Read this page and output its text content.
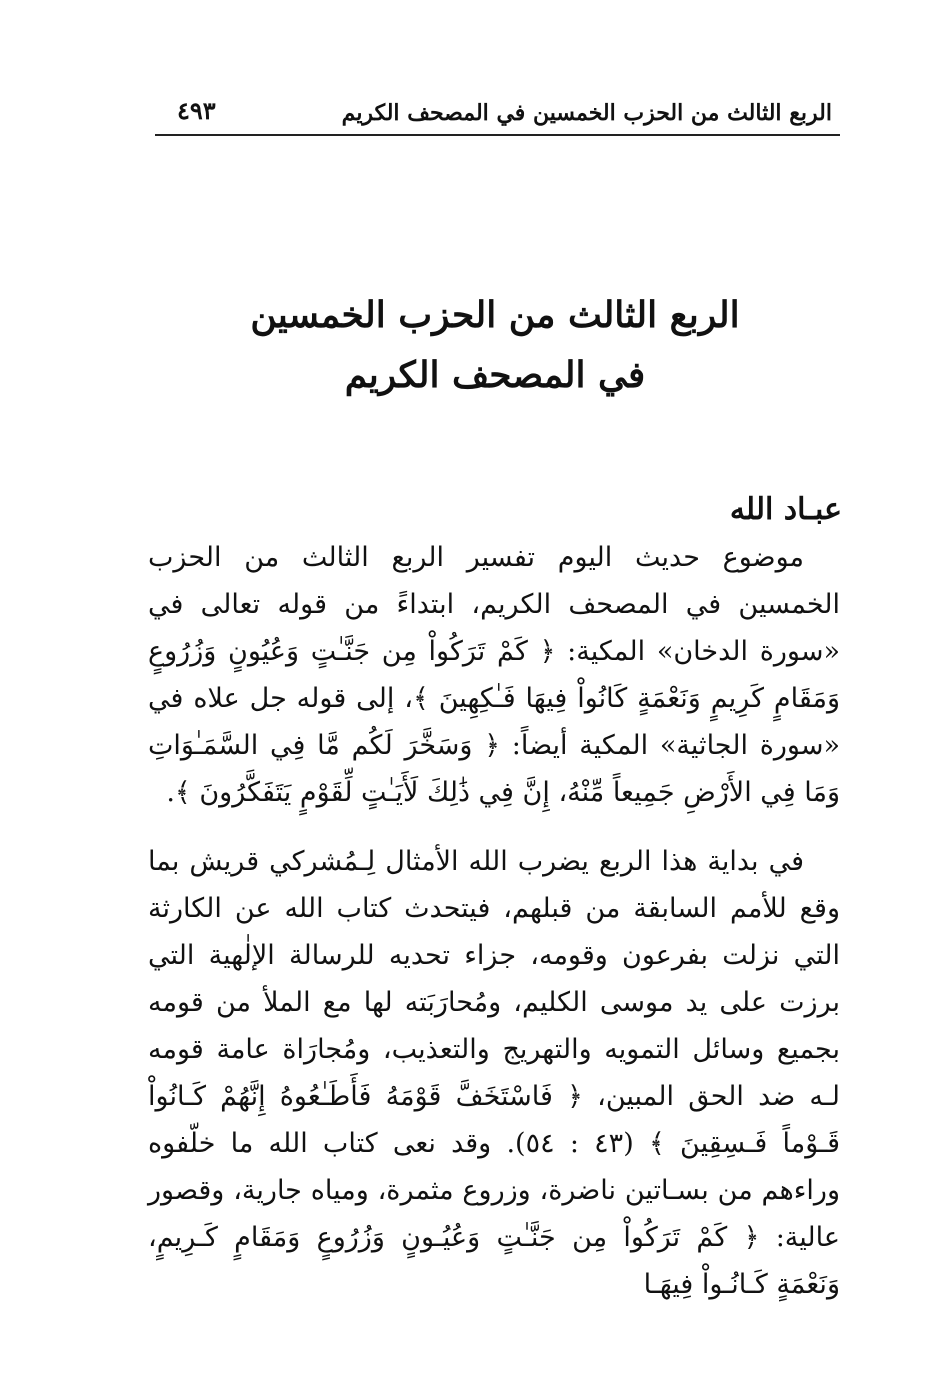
الربع الثالث من الحزب الخمسين في المصحف الكريم
٤٩٣
الربع الثالث من الحزب الخمسين
في المصحف الكريم
عبـاد الله

موضوع حديث اليوم تفسير الربع الثالث من الحزب الخمسين في المصحف الكريم، ابتداءً من قوله تعالى في «سورة الدخان» المكية: ﴿ كَمْ تَرَكُواْ مِن جَنَّـٰتٍ وَعُيُونٍ وَزُرُوعٍ وَمَقَامٍ كَرِيمٍ وَنَعْمَةٍ كَانُواْ فِيهَا فَـٰكِهِينَ ﴾، إلى قوله جل علاه في «سورة الجاثية» المكية أيضاً: ﴿ وَسَخَّرَ لَكُم مَّا فِي السَّمَـٰوَاتِ وَمَا فِي الأَرْضِ جَمِيعاً مِّنْهُ، إِنَّ فِي ذَٰلِكَ لَأَيَـٰتٍ لِّقَوْمٍ يَتَفَكَّرُونَ ﴾.

في بداية هذا الربع يضرب الله الأمثال لِـمُشركي قريش بما وقع للأمم السابقة من قبلهم، فيتحدث كتاب الله عن الكارثة التي نزلت بفرعون وقومه، جزاء تحديه للرسالة الإلٰهية التي برزت على يد موسى الكليم، ومُحارَبَته لها مع الملأ من قومه بجميع وسائل التمويه والتهريج والتعذيب، ومُجارَاة عامة قومه لـه ضد الحق المبين، ﴿ فَاسْتَخَفَّ قَوْمَهُ فَأَطَـٰعُوهُ إِنَّهُمْ كَـانُواْ قَـوْماً فَـسِقِينَ ﴾ (٤٣ : ٥٤). وقد نعى كتاب الله ما خلّفوه وراءهم من بسـاتين ناضرة، وزروع مثمرة، ومياه جارية، وقصور عالية: ﴿ كَمْ تَرَكُواْ مِن جَنَّـٰتٍ وَعُيُـونٍ وَزُرُوعٍ وَمَقَامٍ كَـرِيمٍ، وَنَعْمَةٍ كَـانُـواْ فِيهَـا
